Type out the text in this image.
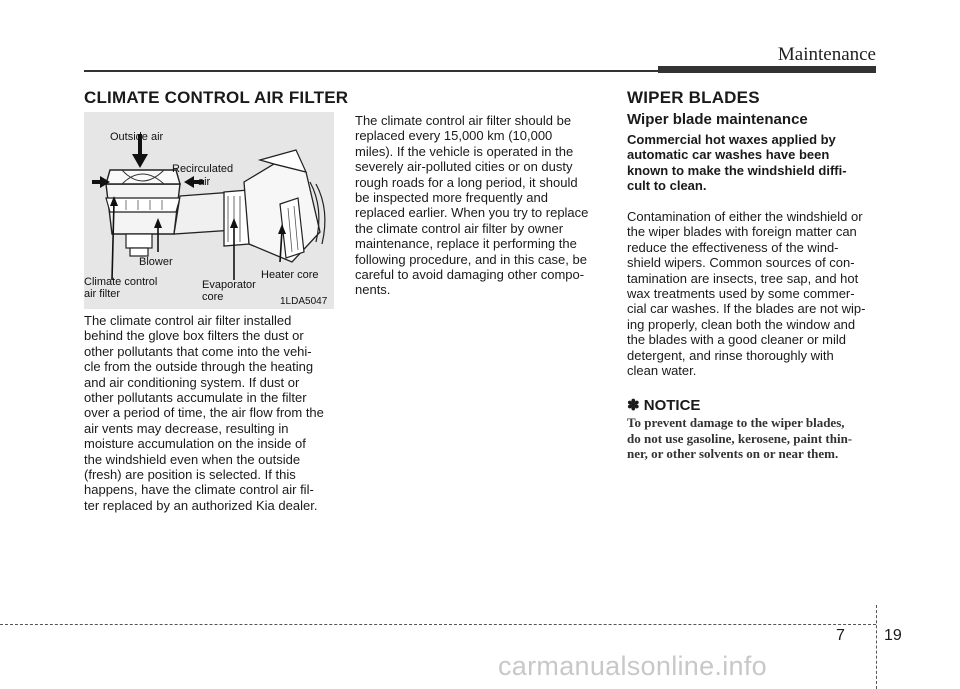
Maintenance
CLIMATE CONTROL AIR FILTER
Outside air
Recirculated
air
Blower
Climate control
air filter
Evaporator
core
Heater core
1LDA5047
The climate control air filter installed
behind the glove box filters the dust or
other pollutants that come into the vehi-
cle from the outside through the heating
and air conditioning system. If dust or
other pollutants accumulate in the filter
over a period of time, the air flow from the
air vents may decrease, resulting in
moisture accumulation on the inside of
the windshield even when the outside
(fresh) are position is selected. If this
happens, have the climate control air fil-
ter replaced by an authorized Kia dealer.
The climate control air filter should be
replaced every 15,000 km (10,000
miles). If the vehicle is operated in the
severely air-polluted cities or on dusty
rough roads for a long period, it should
be inspected more frequently and
replaced earlier. When you try to replace
the climate control air filter by owner
maintenance, replace it performing the
following procedure, and in this case, be
careful to avoid damaging other compo-
nents.
WIPER BLADES
Wiper blade maintenance
Commercial hot waxes applied by
automatic car washes have been
known to make the windshield diffi-
cult to clean.
Contamination of either the windshield or
the wiper blades with foreign matter can
reduce the effectiveness of the wind-
shield wipers. Common sources of con-
tamination are insects, tree sap, and hot
wax treatments used by some commer-
cial car washes. If the blades are not wip-
ing properly, clean both the window and
the blades with a good cleaner or mild
detergent, and rinse thoroughly with
clean water.
✽ NOTICE
To prevent damage to the wiper blades,
do not use gasoline, kerosene, paint thin-
ner, or other solvents on or near them.
7 19
carmanualsonline.info
